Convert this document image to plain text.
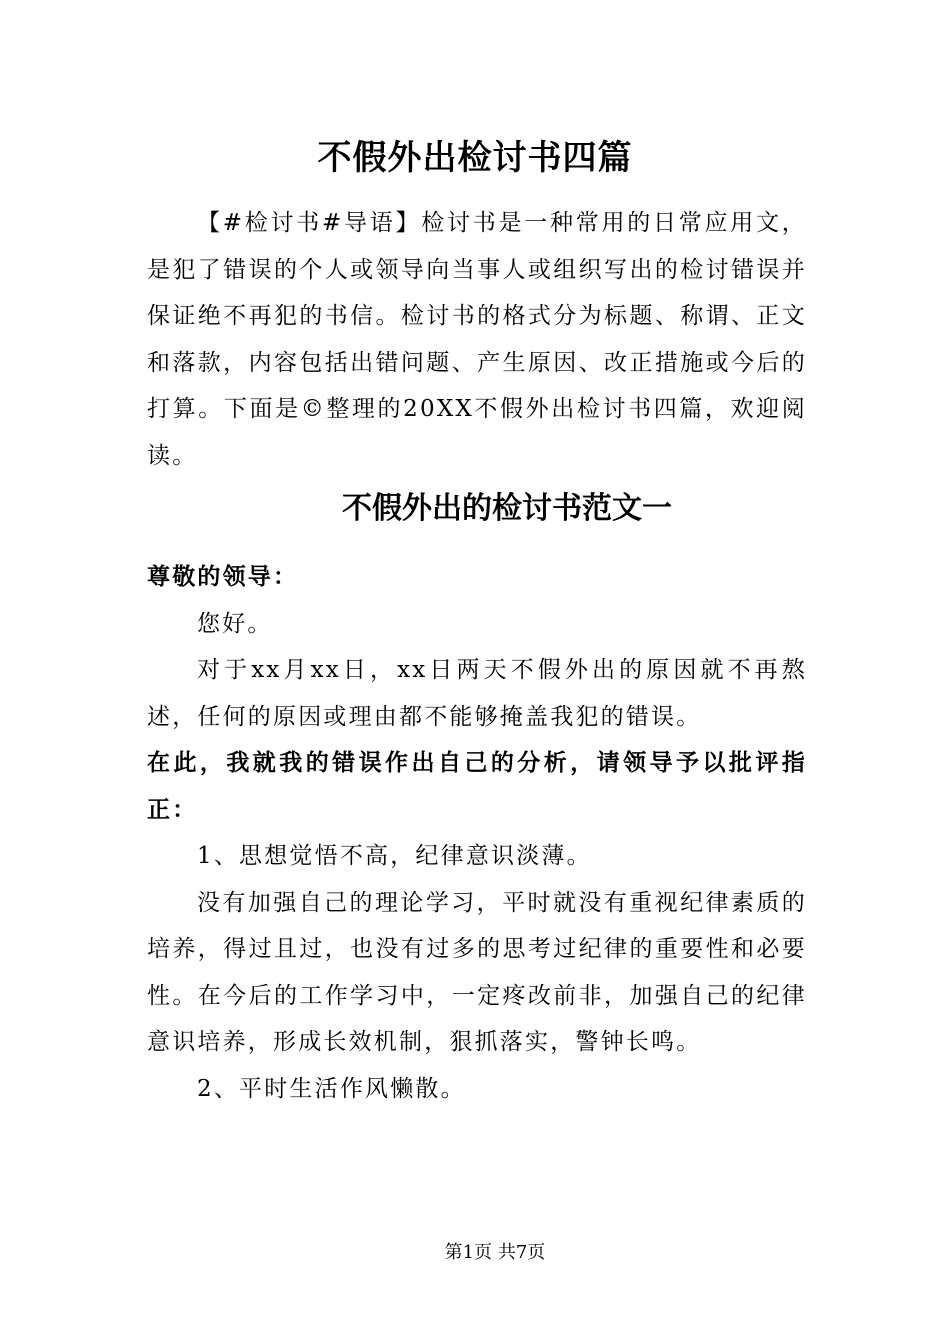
不假外出检讨书四篇

【#检讨书#导语】检讨书是一种常用的日常应用文，是犯了错误的个人或领导向当事人或组织写出的检讨错误并保证绝不再犯的书信。检讨书的格式分为标题、称谓、正文和落款，内容包括出错问题、产生原因、改正措施或今后的打算。下面是©整理的20XX不假外出检讨书四篇，欢迎阅读。

不假外出的检讨书范文一

尊敬的领导：

您好。

对于xx月xx日，xx日两天不假外出的原因就不再熬述，任何的原因或理由都不能够掩盖我犯的错误。

在此，我就我的错误作出自己的分析，请领导予以批评指正：

1、思想觉悟不高，纪律意识淡薄。

没有加强自己的理论学习，平时就没有重视纪律素质的培养，得过且过，也没有过多的思考过纪律的重要性和必要性。在今后的工作学习中，一定疼改前非，加强自己的纪律意识培养，形成长效机制，狠抓落实，警钟长鸣。

2、平时生活作风懒散。

第1页 共7页
